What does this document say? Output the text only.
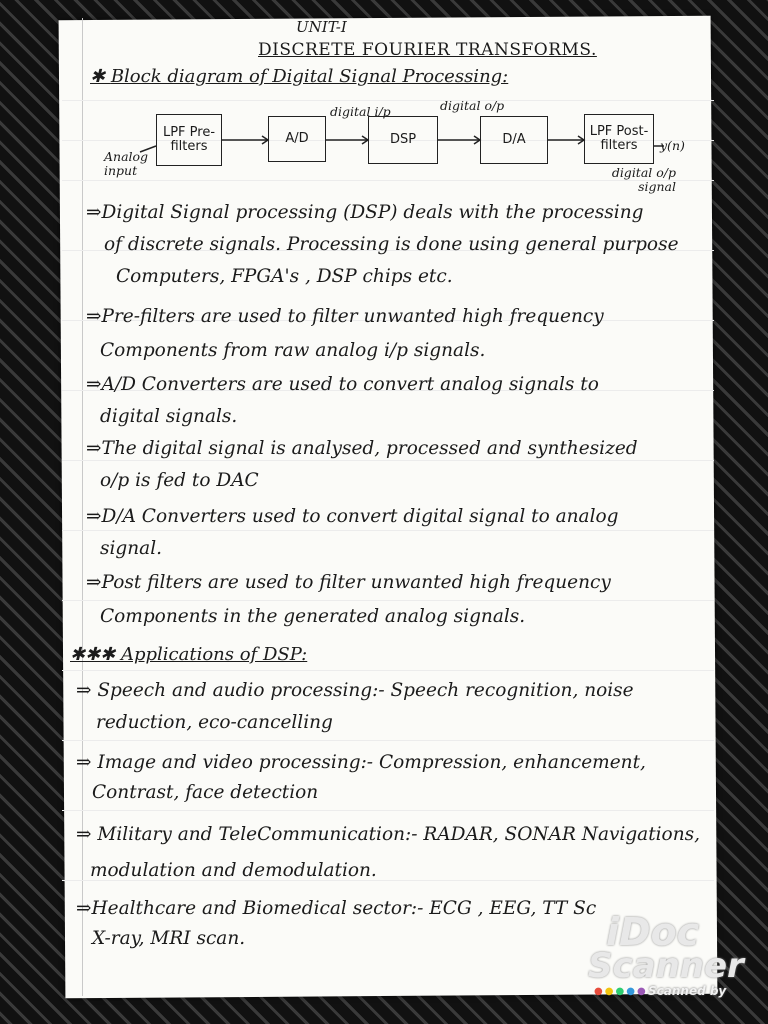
UNIT-I
DISCRETE FOURIER TRANSFORMS.
✱ Block diagram of Digital Signal Processing:
Analog input
LPF Pre-filters
A/D
digital i/p
DSP
digital o/p
D/A
LPF Post-filters	y(n)
digital o/p signal
⇒Digital Signal processing (DSP) deals with the processing
of discrete signals. Processing is done using general purpose
Computers, FPGA's , DSP chips etc.
⇒Pre-filters are used to filter unwanted high frequency
Components from raw analog i/p signals.
⇒A/D Converters are used to convert analog signals to
digital signals.
⇒The digital signal is analysed, processed and synthesized
o/p is fed to DAC
⇒D/A Converters used to convert digital signal to analog
signal.
⇒Post filters are used to filter unwanted high frequency
Components in the generated analog signals.
✱✱✱ Applications of DSP:
⇒ Speech and audio processing:- Speech recognition, noise
reduction, eco-cancelling
⇒ Image and video processing:- Compression, enhancement,
Contrast, face detection
⇒ Military and TeleCommunication:- RADAR, SONAR Navigations,
modulation and demodulation.
⇒Healthcare and Biomedical sector:- ECG , EEG, TT Sc
X-ray, MRI scan.	iDoc
Scanner
●●●●● Scanned by
